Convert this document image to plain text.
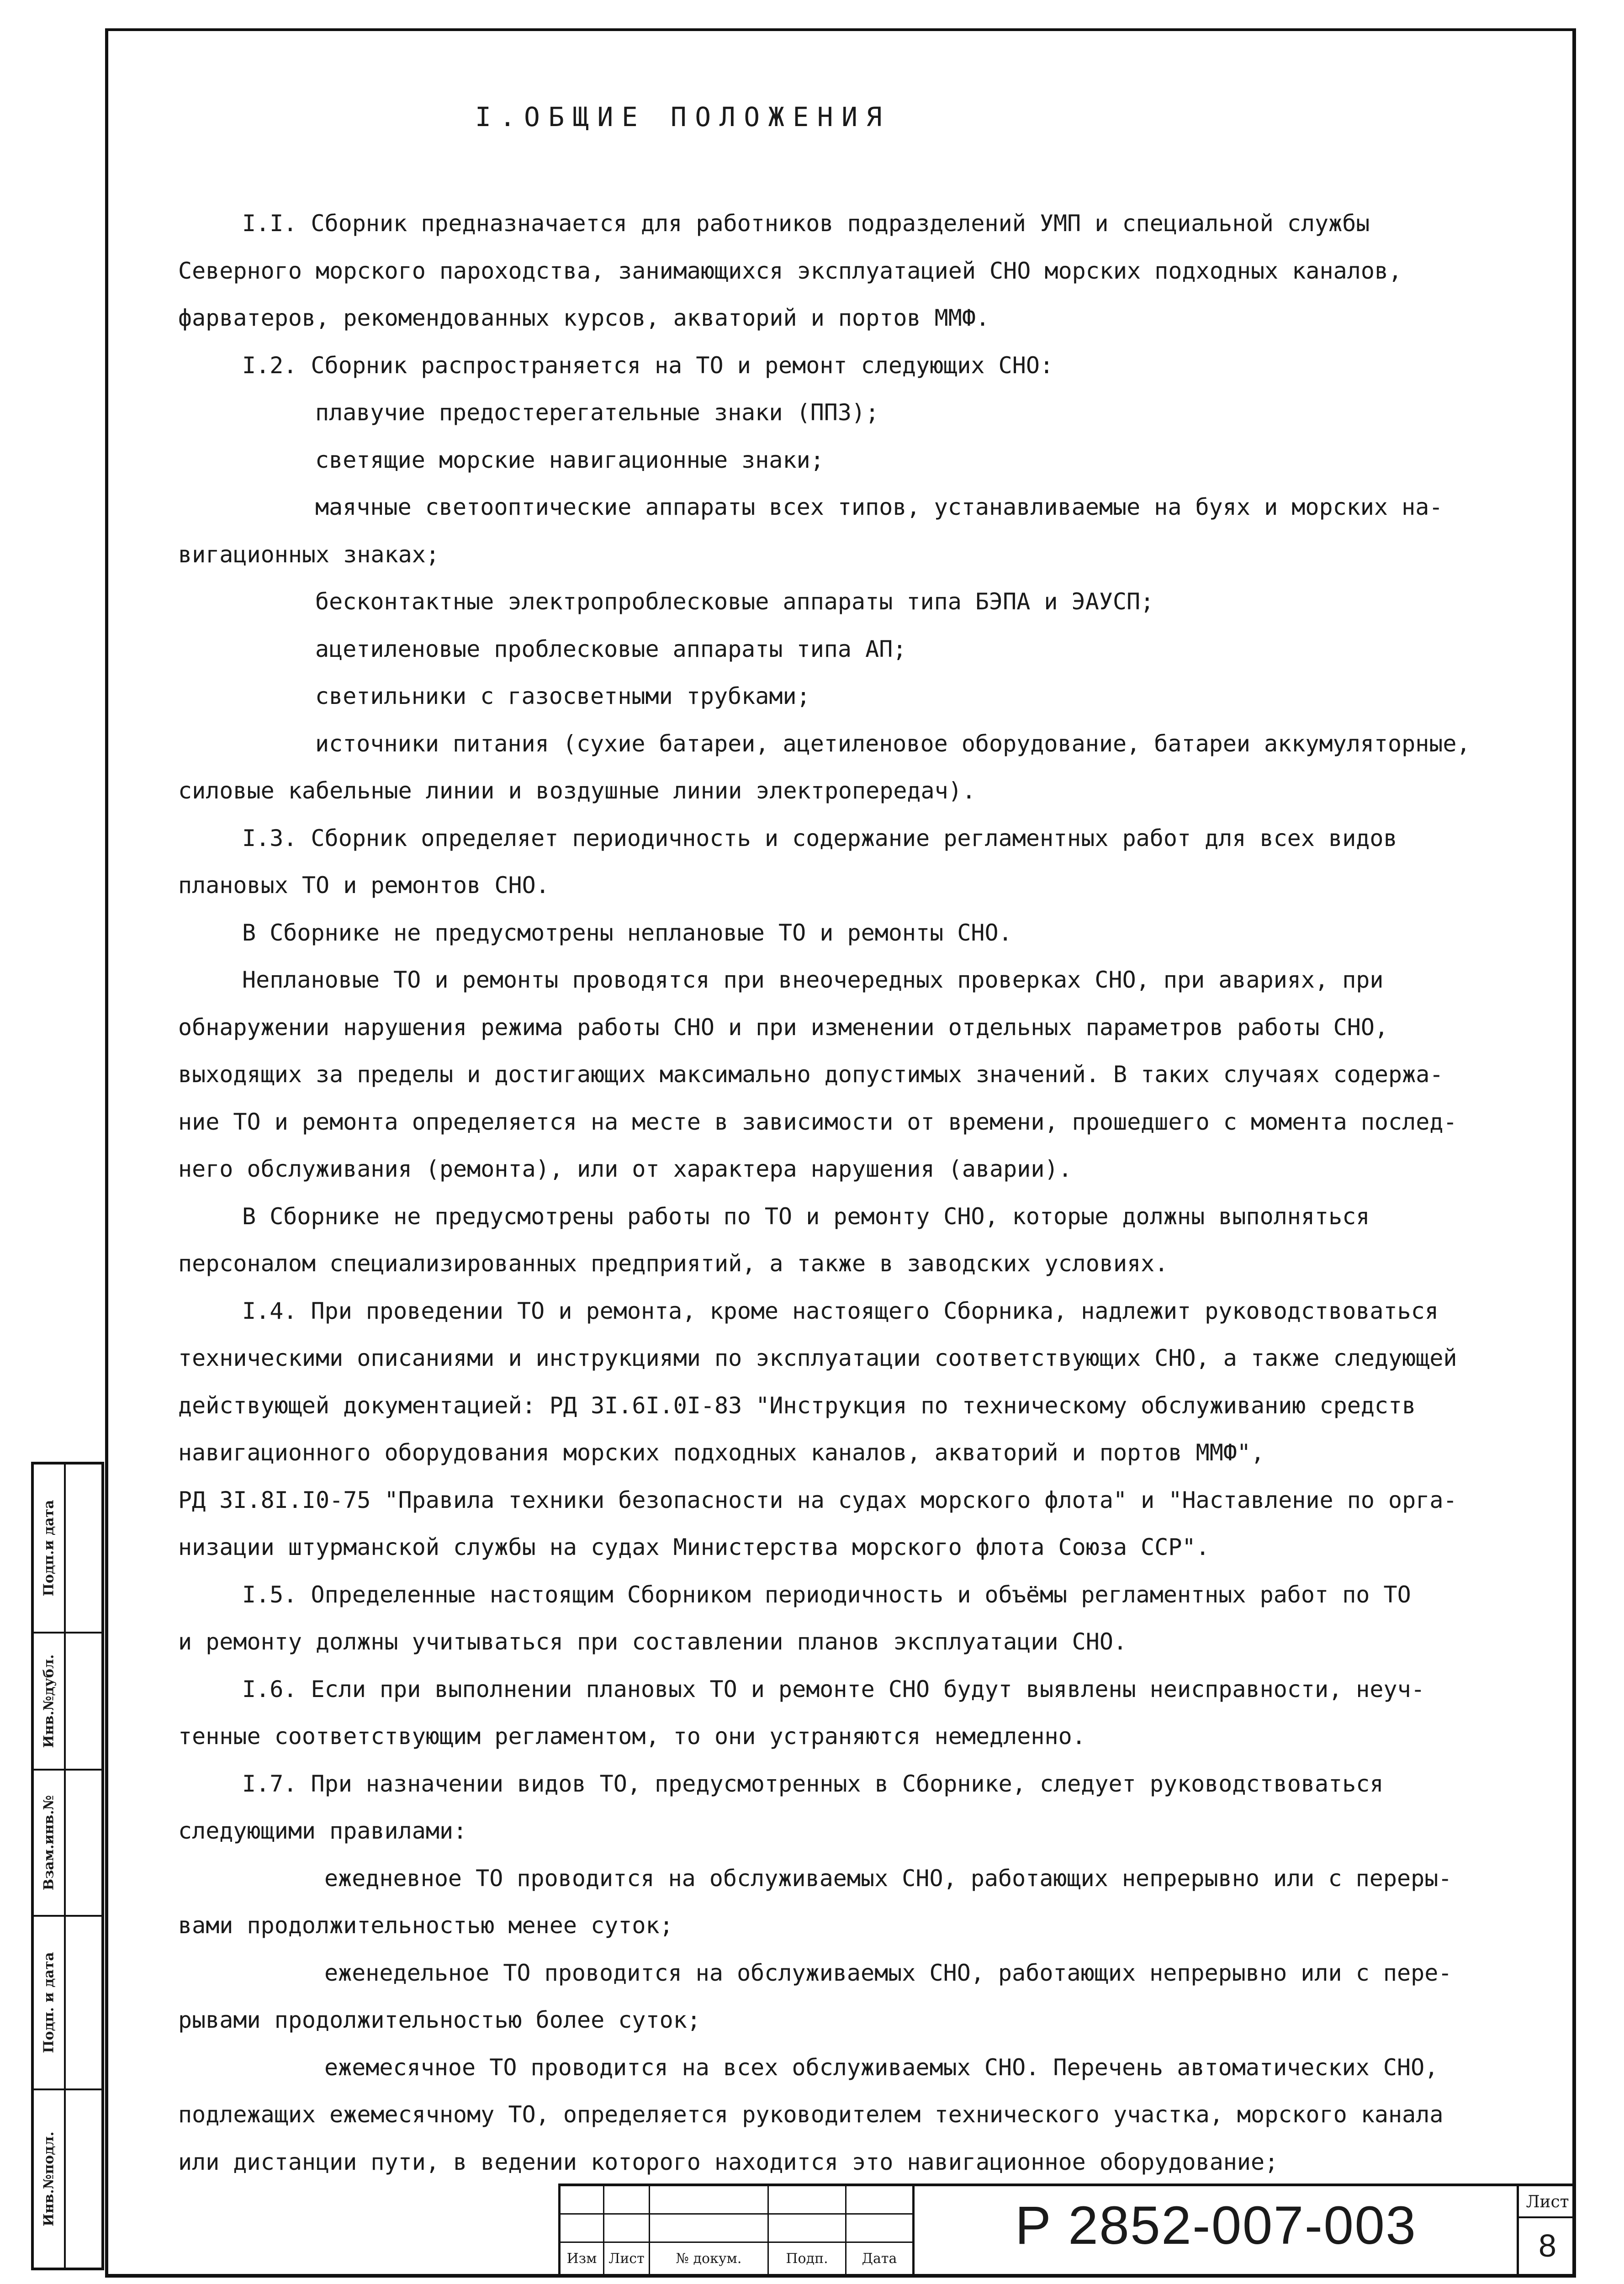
I.ОБЩИЕ ПОЛОЖЕНИЯ
I.I. Сборник предназначается для работников подразделений УМП и специальной службы
Северного морского пароходства, занимающихся эксплуатацией СНО морских подходных каналов,
фарватеров, рекомендованных курсов, акваторий и портов ММФ.
I.2. Сборник распространяется на ТО и ремонт следующих СНО:
плавучие предостерегательные знаки (ППЗ);
светящие морские навигационные знаки;
маячные светооптические аппараты всех типов, устанавливаемые на буях и морских на-
вигационных знаках;
бесконтактные электропроблесковые аппараты типа БЭПА и ЭАУСП;
ацетиленовые проблесковые аппараты типа АП;
светильники с газосветными трубками;
источники питания (сухие батареи, ацетиленовое оборудование, батареи аккумуляторные,
силовые кабельные линии и воздушные линии электропередач).
I.3. Сборник определяет периодичность и содержание регламентных работ для всех видов
плановых ТО и ремонтов СНО.
В Сборнике не предусмотрены неплановые ТО и ремонты СНО.
Неплановые ТО и ремонты проводятся при внеочередных проверках СНО, при авариях, при
обнаружении нарушения режима работы СНО и при изменении отдельных параметров работы СНО,
выходящих за пределы и достигающих максимально допустимых значений. В таких случаях содержа-
ние ТО и ремонта определяется на месте в зависимости от времени, прошедшего с момента послед-
него обслуживания (ремонта), или от характера нарушения (аварии).
В Сборнике не предусмотрены работы по ТО и ремонту СНО, которые должны выполняться
персоналом специализированных предприятий, а также в заводских условиях.
I.4. При проведении ТО и ремонта, кроме настоящего Сборника, надлежит руководствоваться
техническими описаниями и инструкциями по эксплуатации соответствующих СНО, а также следующей
действующей документацией: РД 3I.6I.0I-83 "Инструкция по техническому обслуживанию средств
навигационного оборудования морских подходных каналов, акваторий и портов ММФ",
РД 3I.8I.I0-75 "Правила техники безопасности на судах морского флота" и "Наставление по орга-
низации штурманской службы на судах Министерства морского флота Союза ССР".
I.5. Определенные настоящим Сборником периодичность и объёмы регламентных работ по ТО
и ремонту должны учитываться при составлении планов эксплуатации СНО.
I.6. Если при выполнении плановых ТО и ремонте СНО будут выявлены неисправности, неуч-
тенные соответствующим регламентом, то они устраняются немедленно.
I.7. При назначении видов ТО, предусмотренных в Сборнике, следует руководствоваться
следующими правилами:
ежедневное ТО проводится на обслуживаемых СНО, работающих непрерывно или с переры-
вами продолжительностью менее суток;
еженедельное ТО проводится на обслуживаемых СНО, работающих непрерывно или с пере-
рывами продолжительностью более суток;
ежемесячное ТО проводится на всех обслуживаемых СНО. Перечень автоматических СНО,
подлежащих ежемесячному ТО, определяется руководителем технического участка, морского канала
или дистанции пути, в ведении которого находится это навигационное оборудование;
Подп.и дата
Инв.№дубл.
Взам.инв.№
Подп. и дата
Инв.№подл.
Изм Лист	№ докум.	Подп.	Дата
Р 2852-007-003	Лист
8
